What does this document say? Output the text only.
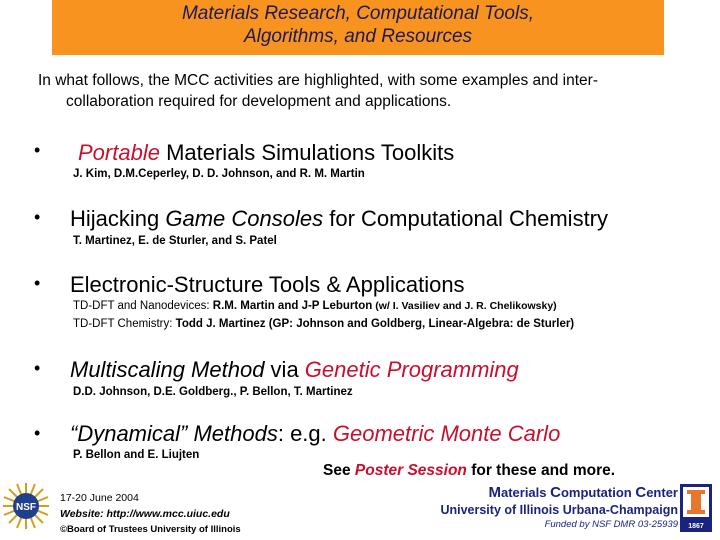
Materials Research, Computational Tools,
Algorithms, and Resources
In what follows, the MCC activities are highlighted, with some examples and inter-
collaboration required for development and applications.
• Portable Materials Simulations Toolkits
J. Kim, D.M.Ceperley, D. D. Johnson, and R. M. Martin
• Hijacking Game Consoles for Computational Chemistry
T. Martinez, E. de Sturler, and S. Patel
• Electronic-Structure Tools & Applications
TD-DFT and Nanodevices: R.M. Martin and J-P Leburton (w/ I. Vasiliev and J. R. Chelikowsky)
TD-DFT Chemistry: Todd J. Martinez (GP: Johnson and Goldberg, Linear-Algebra: de Sturler)
• Multiscaling Method via Genetic Programming
D.D. Johnson, D.E. Goldberg., P. Bellon, T. Martinez
• “Dynamical” Methods: e.g. Geometric Monte Carlo
P. Bellon and E. Liujten
See Poster Session for these and more.
NSF
17-20 June 2004
Website: http://www.mcc.uiuc.edu
©Board of Trustees University of Illinois
Materials Computation Center
University of Illinois Urbana-Champaign
Funded by NSF DMR 03-25939 1867
